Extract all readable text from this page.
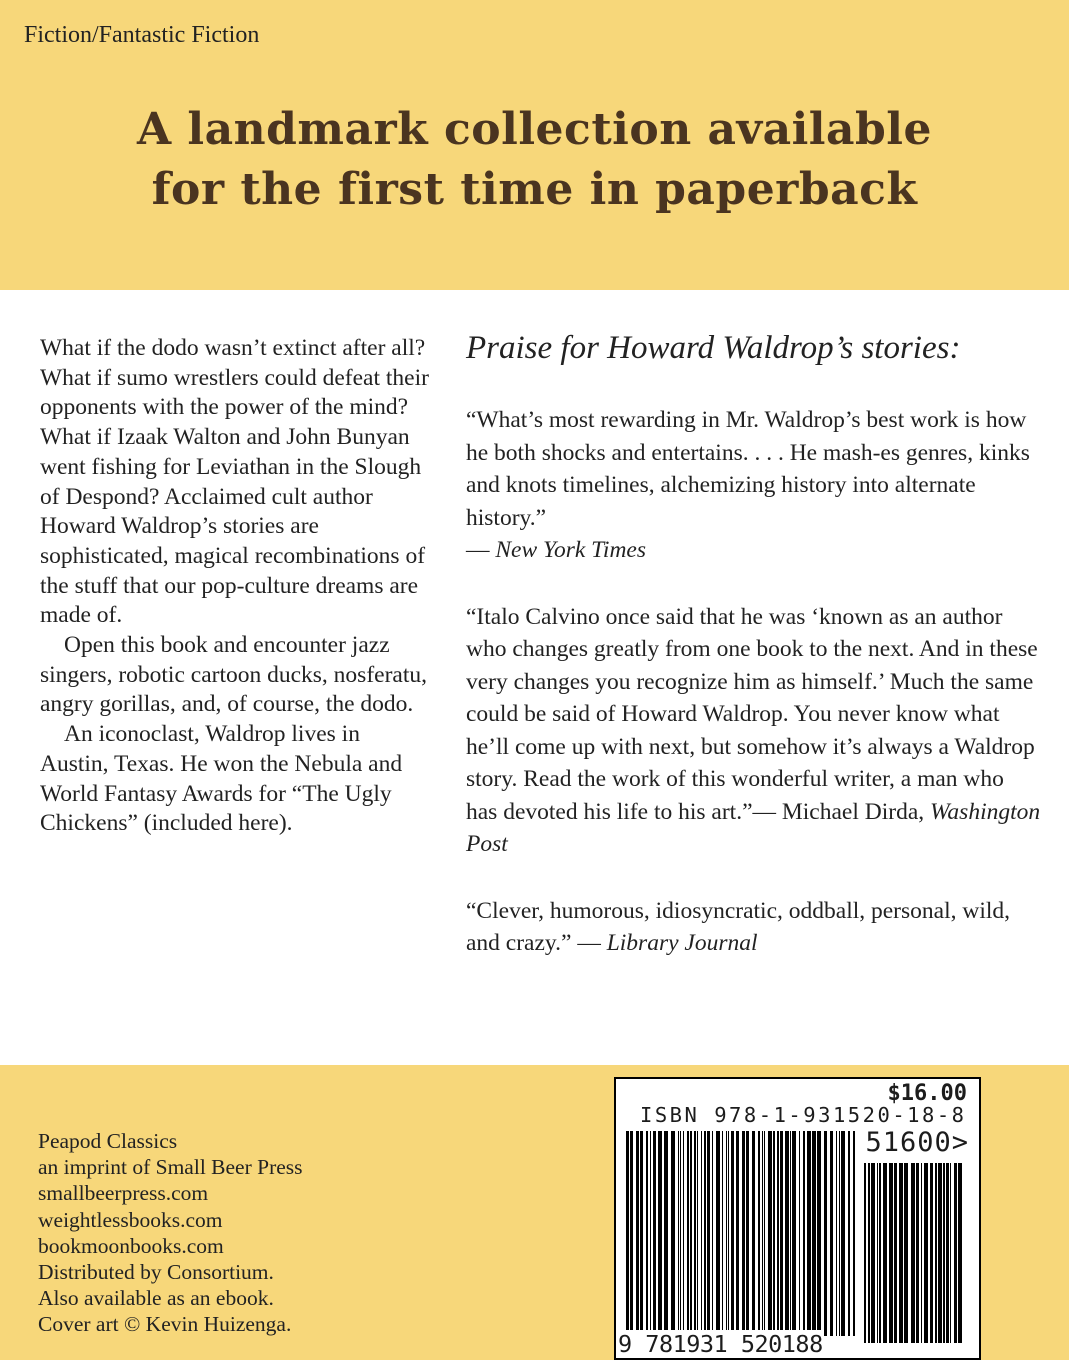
Fiction/Fantastic Fiction
A landmark collection available
for the first time in paperback

What if the dodo wasn’t extinct after all? What if sumo wrestlers could defeat their opponents with the power of the mind? What if Izaak Walton and John Bunyan went fishing for Leviathan in the Slough of Despond? Acclaimed cult author Howard Waldrop’s stories are sophisticated, magical recombinations of the stuff that our pop-culture dreams are made of.

Open this book and encounter jazz singers, robotic cartoon ducks, nosferatu, angry gorillas, and, of course, the dodo.

An iconoclast, Waldrop lives in Austin, Texas. He won the Nebula and World Fantasy Awards for “The Ugly Chickens” (included here).

Praise for Howard Waldrop’s stories:
“What’s most rewarding in Mr. Waldrop’s best work is how he both shocks and entertains. . . . He mash-es genres, kinks and knots timelines, alchemizing history into alternate history.”
— New York Times
“Italo Calvino once said that he was ‘known as an author who changes greatly from one book to the next. And in these very changes you recognize him as himself.’ Much the same could be said of Howard Waldrop. You never know what he’ll come up with next, but somehow it’s always a Waldrop story. Read the work of this wonderful writer, a man who has devoted his life to his art.”— Michael Dirda, Washington Post
“Clever, humorous, idiosyncratic, oddball, personal, wild, and crazy.” — Library Journal
Peapod Classics
an imprint of Small Beer Press
smallbeerpress.com
weightlessbooks.com
bookmoonbooks.com
Distributed by Consortium.
Also available as an ebook.
Cover art © Kevin Huizenga.
$16.00
ISBN 978-1-931520-18-8
51600>
9 781931 520188
